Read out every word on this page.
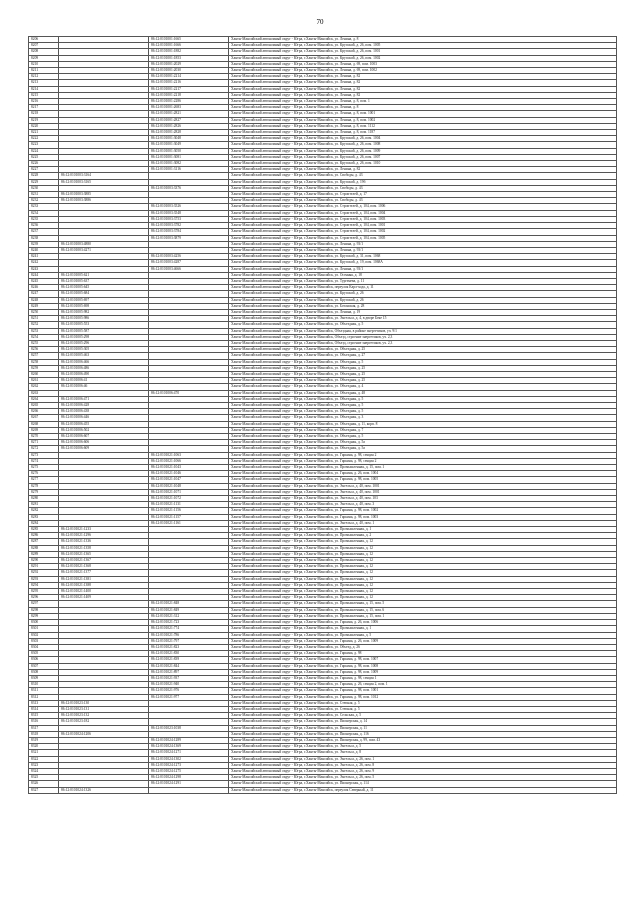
70
8206		86:12:0101001:1665	Ханты-Мансийский автономный округ - Югра, г.Ханты-Мансийск, ул. Ленина, д. 8
8207		86:12:0101001:1666	Ханты-Мансийский автономный округ - Югра, г.Ханты-Мансийск, ул. Крупской, д. 26, пом. 1005
8208		86:12:0101001:1882	Ханты-Мансийский автономный округ - Югра, г.Ханты-Мансийск, ул. Крупской, д. 26, пом. 1001
8209		86:12:0101001:1853	Ханты-Мансийский автономный округ - Югра, г.Ханты-Мансийск, ул. Крупской, д. 26, пом. 1002
8210		86:12:0101001:2029	Ханты-Мансийский автономный округ - Югра, г.Ханты-Мансийск, ул. Ленина, д. 69, пом. 1003
8211		86:12:0101001:2030	Ханты-Мансийский автономный округ - Югра, г.Ханты-Мансийск, ул. Ленина, д. 69, пом. 1002
8212		86:12:0101001:2214	Ханты-Мансийский автономный округ - Югра, г.Ханты-Мансийск, ул. Ленина, д. 82
8213		86:12:0101001:2216	Ханты-Мансийский автономный округ - Югра, г.Ханты-Мансийск, ул. Ленина, д. 82
8214		86:12:0101001:2217	Ханты-Мансийский автономный округ - Югра, г.Ханты-Мансийск, ул. Ленина, д. 82
8215		86:12:0101001:2218	Ханты-Мансийский автономный округ - Югра, г.Ханты-Мансийск, ул. Ленина, д. 82
8216		86:12:0101001:2286	Ханты-Мансийский автономный округ - Югра, г.Ханты-Мансийск, ул. Ленина, д. 8, пом. 1
8217		86:12:0101001:2683	Ханты-Мансийский автономный округ - Югра, г.Ханты-Мансийск, ул. Ленина, д. 8
8218		86:12:0101001:2821	Ханты-Мансийский автономный округ - Югра, г.Ханты-Мансийск, ул. Ленина, д. 8, пом. 1001
8219		86:12:0101001:2827	Ханты-Мансийский автономный округ - Югра, г.Ханты-Мансийск, ул. Ленина, д. 8, пом. 1002
8220		86:12:0101001:2826	Ханты-Мансийский автономный округ - Югра, г.Ханты-Мансийск, ул. Ленина, д. 8, пом. 1112
8221		86:12:0101001:2828	Ханты-Мансийский автономный округ - Югра, г.Ханты-Мансийск, ул. Ленина, д. 8, пом. 1187
8222		86:12:0101001:3048	Ханты-Мансийский автономный округ - Югра, г.Ханты-Мансийск, ул. Крупской, д. 26, пом. 1004
8223		86:12:0101001:3049	Ханты-Мансийский автономный округ - Югра, г.Ханты-Мансийск, ул. Крупской, д. 26, пом. 1008
8224		86:12:0101001:3050	Ханты-Мансийский автономный округ - Югра, г.Ханты-Мансийск, ул. Крупской, д. 26, пом. 1009
8225		86:12:0101001:3081	Ханты-Мансийский автономный округ - Югра, г.Ханты-Мансийск, ул. Крупской, д. 26, пом. 1007
8226		86:12:0101001:3082	Ханты-Мансийский автономный округ - Югра, г.Ханты-Мансийск, ул. Крупской, д. 26, пом. 1010
8227		86:12:0101001:3116	Ханты-Мансийский автономный округ - Югра, г.Ханты-Мансийск, ул. Ленина, д. 82
8228	86:12:0101003:3164		Ханты-Мансийский автономный округ - Югра, г.Ханты-Мансийск, ул. Свободы, д. 43
8229	86:12:0101003:3165		Ханты-Мансийский автономный округ - Югра, г.Ханты-Мансийск, ул. Крупской, д. 19б
8230		86:12:0101003:3376	Ханты-Мансийский автономный округ - Югра, г.Ханты-Мансийск, ул. Свободы, д. 43
8231	86:12:0101003:3885		Ханты-Мансийский автономный округ - Югра, г.Ханты-Мансийск, ул. Строителей, д. 17
8232	86:12:0101003:3886		Ханты-Мансийский автономный округ - Югра, г.Ханты-Мансийск, ул. Свободы, д. 43
8233		86:12:0101003:3526	Ханты-Мансийский автономный округ - Югра, г.Ханты-Мансийск, ул. Строителей, д. 104, пом. 1006
8234		86:12:0101003:3548	Ханты-Мансийский автономный округ - Югра, г.Ханты-Мансийск, ул. Строителей, д. 104, пом. 1004
8235		86:12:0101003:3753	Ханты-Мансийский автономный округ - Югра, г.Ханты-Мансийск, ул. Строителей, д. 104, пом. 1003
8236		86:12:0101003:3782	Ханты-Мансийский автономный округ - Югра, г.Ханты-Мансийск, ул. Строителей, д. 104, пом. 1001
8237		86:12:0101003:3784	Ханты-Мансийский автономный округ - Югра, г.Ханты-Мансийск, ул. Строителей, д. 104, пом. 1002
8238		86:12:0101003:3879	Ханты-Мансийский автономный округ - Югра, г.Ханты-Мансийск, ул. Строителей, д. 104, пом. 1005
8239	86:12:0101003:4880		Ханты-Мансийский автономный округ - Югра, г.Ханты-Мансийск, ул. Ленина, д. 93/1
8240	86:12:0101003:4271		Ханты-Мансийский автономный округ - Югра, г.Ханты-Мансийск, ул. Ленина, д. 93/1
8241		86:12:0101003:4256	Ханты-Мансийский автономный округ - Югра, г.Ханты-Мансийск, ул. Крупской, д. 31, пом. 1068
8242		86:12:0101003:4287	Ханты-Мансийский автономный округ - Югра, г.Ханты-Мансийск, ул. Крупской, д. 19, пом. 1068А
8243		86:12:0101003:4666	Ханты-Мансийский автономный округ - Югра, г.Ханты-Мансийск, ул. Ленина, д. 93/1
8244	86:12:0101005:621		Ханты-Мансийский автономный округ - Югра, г.Ханты-Мансийск, ул. Осенняя, д. 18
8245	86:12:0101005:637		Ханты-Мансийский автономный округ - Югра, г.Ханты-Мансийск, ул. Тургенева, д. 11
8246	86:12:0101005:645		Ханты-Мансийский автономный округ - Югра, г.Ханты-Мансийск, переулок Карл-хода, д. 11
8247	86:12:0101005:684		Ханты-Мансийский автономный округ - Югра, г.Ханты-Мансийск, ул. Крупской, д. 26
8248	86:12:0101005:697		Ханты-Мансийский автономный округ - Югра, г.Ханты-Мансийск, ул. Крупской, д. 26
8249	86:12:0101005:698		Ханты-Мансийский автономный округ - Югра, г.Ханты-Мансийск, ул. Ботанская, д. 28
8250	86:12:0101005:982		Ханты-Мансийский автономный округ - Югра, г.Ханты-Мансийск, ул. Ленина, д. 19
8251	86:12:0101005:986		Ханты-Мансийский автономный округ - Югра, г.Ханты-Мансийск, ул. Энгельса, д. 4, в дворе Беке 15
8252	86:12:0101005:553		Ханты-Мансийский автономный округ - Югра, г.Ханты-Мансийск, ул. Объездная, д. 5
8253	86:12:0101005:587		Ханты-Мансийский автономный округ - Югра, г.Ханты-Мансийск, Объездная, в районе энергетиков, уч. 9/1
8254	86:12:0101005:298		Ханты-Мансийский автономный округ - Югра, г.Ханты-Мансийск, Объезд, строение энергетиков, уч. 2,3
8255	86:12:0101005:296		Ханты-Мансийский автономный округ - Югра, г.Ханты-Мансийск, Объезд, строение энергетиков, уч. 2,3
8256	86:12:0101005:305		Ханты-Мансийский автономный округ - Югра, г.Ханты-Мансийск, ул. Объездная, д. 25
8257	86:12:0101005:463		Ханты-Мансийский автономный округ - Югра, г.Ханты-Мансийск, ул. Объездная, д. 27
8258	86:12:0101006:466		Ханты-Мансийский автономный округ - Югра, г.Ханты-Мансийск, ул. Объездная, д. 5
8259	86:12:0101006:486		Ханты-Мансийский автономный округ - Югра, г.Ханты-Мансийск, ул. Объездная, д. 25
8260	86:12:0101006:490		Ханты-Мансийский автономный округ - Югра, г.Ханты-Мансийск, ул. Объездная, д. 25
8261	86:12:0101006:41		Ханты-Мансийский автономный округ - Югра, г.Ханты-Мансийск, ул. Объездная, д. 25
8262	86:12:0101006:46		Ханты-Мансийский автономный округ - Югра, г.Ханты-Мансийск, ул. Объездная, д. 4
8263		86:12:0101006:470	Ханты-Мансийский автономный округ - Югра, г.Ханты-Мансийск, ул. Объездная, д. 48
8264	86:12:0101006:471		Ханты-Мансийский автономный округ - Югра, г.Ханты-Мансийск, ул. Объездная, д. 5
8265	86:12:0101006:428		Ханты-Мансийский автономный округ - Югра, г.Ханты-Мансийск, ул. Объездная, д. 5
8266	86:12:0101006:438		Ханты-Мансийский автономный округ - Югра, г.Ханты-Мансийск, ул. Объездная, д. 5
8267	86:12:0101006:446		Ханты-Мансийский автономный округ - Югра, г.Ханты-Мансийск, ул. Объездная, д. 3
8268	86:12:0101006:455		Ханты-Мансийский автономный округ - Югра, г.Ханты-Мансийск, ул. Объездная, д. 11, корп. 8
8269	86:12:0101006:502		Ханты-Мансийский автономный округ - Югра, г.Ханты-Мансийск, ул. Объездная, д. 7
8270	86:12:0101006:607		Ханты-Мансийский автономный округ - Югра, г.Ханты-Мансийск, ул. Объездная, д. 5
8271	86:12:0101006:606		Ханты-Мансийский автономный округ - Югра, г.Ханты-Мансийск, ул. Объездная, д. 5а
8272	86:12:0101006:609		Ханты-Мансийский автономный округ - Югра, г.Ханты-Мансийск, ул. Объездная, д. 5а
8273		86:12:0101021:1063	Ханты-Мансийский автономный округ - Югра, г.Ханты-Мансийск, ул. Гаркина, д. 98, секция 2
8274		86:12:0101021:1066	Ханты-Мансийский автономный округ - Югра, г.Ханты-Мансийск, ул. Гаркина, д. 98, секция 2
8275		86:12:0101021:1043	Ханты-Мансийский автономный округ - Югра, г.Ханты-Мансийск, ул. Промышленная, д. 15, пом. 1
8276		86:12:0101021:1046	Ханты-Мансийский автономный округ - Югра, г.Ханты-Мансийск, ул. Гаркина, д. 26, пом. 1004
8277		86:12:0101021:1047	Ханты-Мансийский автономный округ - Югра, г.Ханты-Мансийск, ул. Гаркина, д. 98, пом. 1005
8278		86:12:0101021:1048	Ханты-Мансийский автономный округ - Югра, г.Ханты-Мансийск, ул. Энгельса, д. 40, пом. 1001
8279		86:12:0101021:1071	Ханты-Мансийский автономный округ - Югра, г.Ханты-Мансийск, ул. Энгельса, д. 40, пом. 1001
8280		86:12:0101021:1072	Ханты-Мансийский автономный округ - Югра, г.Ханты-Мансийск, ул. Энгельса, д. 40, пом. 103
8281		86:12:0101021:1131	Ханты-Мансийский автономный округ - Югра, г.Ханты-Мансийск, ул. Энгельса, д. 40, пом. 3
8282		86:12:0101021:1156	Ханты-Мансийский автономный округ - Югра, г.Ханты-Мансийск, ул. Гаркина, д. 98, пом. 1002
8283		86:12:0101021:1157	Ханты-Мансийский автономный округ - Югра, г.Ханты-Мансийск, ул. Гаркина, д. 98, пом. 1003
8284		86:12:0101021:1161	Ханты-Мансийский автономный округ - Югра, г.Ханты-Мансийск, ул. Энгельса, д. 40, пом. 1
8285	86:12:0101021:1233		Ханты-Мансийский автономный округ - Югра, г.Ханты-Мансийск, ул. Промышленная, д. 1
8286	86:12:0101021:1296		Ханты-Мансийский автономный округ - Югра, г.Ханты-Мансийск, ул. Промышленная, д. 2
8287	86:12:0101021:1336		Ханты-Мансийский автономный округ - Югра, г.Ханты-Мансийск, ул. Промышленная, д. 12
8288	86:12:0101021:1358		Ханты-Мансийский автономный округ - Югра, г.Ханты-Мансийск, ул. Промышленная, д. 12
8289	86:12:0101021:1365		Ханты-Мансийский автономный округ - Югра, г.Ханты-Мансийск, ул. Промышленная, д. 12
8290	86:12:0101021:1367		Ханты-Мансийский автономный округ - Югра, г.Ханты-Мансийск, ул. Промышленная, д. 12
8291	86:12:0101021:1368		Ханты-Мансийский автономный округ - Югра, г.Ханты-Мансийск, ул. Промышленная, д. 12
8292	86:12:0101021:1377		Ханты-Мансийский автономный округ - Югра, г.Ханты-Мансийск, ул. Промышленная, д. 12
8293	86:12:0101021:1381		Ханты-Мансийский автономный округ - Югра, г.Ханты-Мансийск, ул. Промышленная, д. 12
8294	86:12:0101021:1388		Ханты-Мансийский автономный округ - Югра, г.Ханты-Мансийск, ул. Промышленная, д. 12
8295	86:12:0101021:1400		Ханты-Мансийский автономный округ - Югра, г.Ханты-Мансийск, ул. Промышленная, д. 12
8296	86:12:0101021:1409		Ханты-Мансийский автономный округ - Югра, г.Ханты-Мансийск, ул. Промышленная, д. 12
8297		86:12:0101021:848	Ханты-Мансийский автономный округ - Югра, г.Ханты-Мансийск, ул. Промышленная, д. 15, пом. 5
8298		86:12:0101021:849	Ханты-Мансийский автономный округ - Югра, г.Ханты-Мансийск, ул. Промышленная, д. 15, пом. 6
8299		86:12:0101021:312	Ханты-Мансийский автономный округ - Югра, г.Ханты-Мансийск, ул. Промышленная, д. 15, пом. 1
8300		86:12:0101021:723	Ханты-Мансийский автономный округ - Югра, г.Ханты-Мансийск, ул. Гаркина, д. 26, пом. 1006
8301		86:12:0101021:774	Ханты-Мансийский автономный округ - Югра, г.Ханты-Мансийск, ул. Промышленная, д. 1
8302		86:12:0101021:786	Ханты-Мансийский автономный округ - Югра, г.Ханты-Мансийск, ул. Промышленная, д. 5
8303		86:12:0101021:797	Ханты-Мансийский автономный округ - Югра, г.Ханты-Мансийск, ул. Гаркина, д. 26, пом. 1009
8304		86:12:0101021:823	Ханты-Мансийский автономный округ - Югра, г.Ханты-Мансийск, ул. Объезд, д. 26
8305		86:12:0101021:830	Ханты-Мансийский автономный округ - Югра, г.Ханты-Мансийск, ул. Гаркина, д. 98
8306		86:12:0101021:839	Ханты-Мансийский автономный округ - Югра, г.Ханты-Мансийск, ул. Гаркина, д. 98, пом. 1007
8307		86:12:0101021:844	Ханты-Мансийский автономный округ - Югра, г.Ханты-Мансийск, ул. Гаркина, д. 98, пом. 1008
8308		86:12:0101021:897	Ханты-Мансийский автономный округ - Югра, г.Ханты-Мансийск, ул. Гаркина, д. 98, пом. 1009
8309		86:12:0101021:937	Ханты-Мансийский автономный округ - Югра, г.Ханты-Мансийск, ул. Гаркина, д. 98, секция 1
8310		86:12:0101021:940	Ханты-Мансийский автономный округ - Югра, г.Ханты-Мансийск, ул. Гаркина, д. 26, секция 2, пом. 1
8311		86:12:0101021:976	Ханты-Мансийский автономный округ - Югра, г.Ханты-Мансийск, ул. Гаркина, д. 98, пом. 1001
8312		86:12:0101021:977	Ханты-Мансийский автономный округ - Югра, г.Ханты-Мансийск, ул. Гаркина, д. 98, пом. 1012
8313	86:12:0101023:130		Ханты-Мансийский автономный округ - Югра, г.Ханты-Мансийск, ул. Степная, д. 5
8314	86:12:0101023:131		Ханты-Мансийский автономный округ - Югра, г.Ханты-Мансийск, ул. Степная, д. 5
8315	86:12:0101023:132		Ханты-Мансийский автономный округ - Югра, г.Ханты-Мансийск, ул. Сельская, д. 5
8316	86:12:0101023:182		Ханты-Мансийский автономный округ - Югра, г.Ханты-Мансийск, ул. Пионерская, д. 14
8317		86:12:0101023:1038	Ханты-Мансийский автономный округ - Югра, г.Ханты-Мансийск, ул. Пионерская, д. 11
8318	86:12:0101024:1206		Ханты-Мансийский автономный округ - Югра, г.Ханты-Мансийск, ул. Пионерская, д. 116
8319		86:12:0101024:1289	Ханты-Мансийский автономный округ - Югра, г.Ханты-Мансийск, ул. Пионерская, д. 99, пом. 43
8320		86:12:0101024:1369	Ханты-Мансийский автономный округ - Югра, г.Ханты-Мансийск, ул. Энгельса, д. 5
8321		86:12:0101024:1271	Ханты-Мансийский автономный округ - Югра, г.Ханты-Мансийск, ул. Энгельса, д. 8
8322		86:12:0101024:1302	Ханты-Мансийский автономный округ - Югра, г.Ханты-Мансийск, ул. Энгельса, д. 26, пом. 1
8323		86:12:0101024:1273	Ханты-Мансийский автономный округ - Югра, г.Ханты-Мансийск, ул. Энгельса, д. 26, пом. 8
8324		86:12:0101024:1275	Ханты-Мансийский автономный округ - Югра, г.Ханты-Мансийск, ул. Энгельса, д. 26, пом. 9
8325		86:12:0101024:1298	Ханты-Мансийский автономный округ - Югра, г.Ханты-Мансийск, ул. Энгельса, д. 26, пом. 5
8326		86:12:0101024:1291	Ханты-Мансийский автономный округ - Югра, г.Ханты-Мансийск, ул. Пионерская, д. 114
8327	86:12:0101024:1326		Ханты-Мансийский автономный округ - Югра, г.Ханты-Мансийск, переулок Северный, д. 11
